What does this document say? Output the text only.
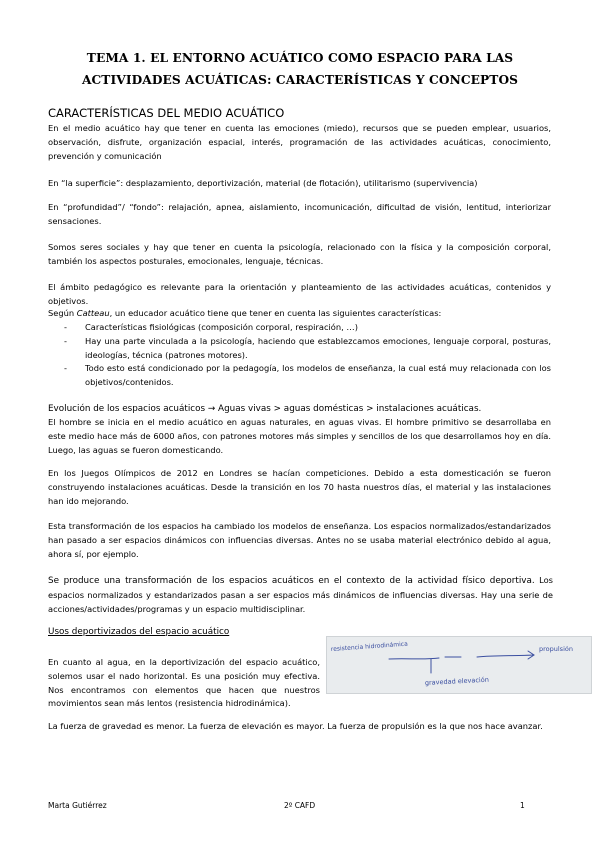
TEMA 1. EL ENTORNO ACUÁTICO COMO ESPACIO PARA LAS
ACTIVIDADES ACUÁTICAS: CARACTERÍSTICAS Y CONCEPTOS
CARACTERÍSTICAS DEL MEDIO ACUÁTICO

En el medio acuático hay que tener en cuenta las emociones (miedo), recursos que se pueden emplear, usuarios, observación, disfrute, organización espacial, interés, programación de las actividades acuáticas, conocimiento, prevención y comunicación

En “la superficie”: desplazamiento, deportivización, material (de flotación), utilitarismo (supervivencia)

En “profundidad”/ “fondo”: relajación, apnea, aislamiento, incomunicación, dificultad de visión, lentitud, interiorizar sensaciones.

Somos seres sociales y hay que tener en cuenta la psicología, relacionado con la física y la composición corporal, también los aspectos posturales, emocionales, lenguaje, técnicas.

El ámbito pedagógico es relevante para la orientación y planteamiento de las actividades acuáticas, contenidos y objetivos.

Según Catteau, un educador acuático tiene que tener en cuenta las siguientes características:

- Características fisiológicas (composición corporal, respiración, …)
- Hay una parte vinculada a la psicología, haciendo que establezcamos emociones, lenguaje corporal, posturas, ideologías, técnica (patrones motores).
- Todo esto está condicionado por la pedagogía, los modelos de enseñanza, la cual está muy relacionada con los objetivos/contenidos.

Evolución de los espacios acuáticos → Aguas vivas > aguas domésticas > instalaciones acuáticas.

El hombre se inicia en el medio acuático en aguas naturales, en aguas vivas. El hombre primitivo se desarrollaba en este medio hace más de 6000 años, con patrones motores más simples y sencillos de los que desarrollamos hoy en día. Luego, las aguas se fueron domesticando.

En los Juegos Olímpicos de 2012 en Londres se hacían competiciones. Debido a esta domesticación se fueron construyendo instalaciones acuáticas. Desde la transición en los 70 hasta nuestros días, el material y las instalaciones han ido mejorando.

Esta transformación de los espacios ha cambiado los modelos de enseñanza. Los espacios normalizados/estandarizados han pasado a ser espacios dinámicos con influencias diversas. Antes no se usaba material electrónico debido al agua, ahora sí, por ejemplo.

Se produce una transformación de los espacios acuáticos en el contexto de la actividad físico deportiva. Los espacios normalizados y estandarizados pasan a ser espacios más dinámicos de influencias diversas. Hay una serie de acciones/actividades/programas y un espacio multidisciplinar.

Usos deportivizados del espacio acuático

En cuanto al agua, en la deportivización del espacio acuático, solemos usar el nado horizontal. Es una posición muy efectiva. Nos encontramos con elementos que hacen que nuestros movimientos sean más lentos (resistencia hidrodinámica).

resistencia hidrodinámica	propulsión
gravedad elevación

La fuerza de gravedad es menor. La fuerza de elevación es mayor. La fuerza de propulsión es la que nos hace avanzar.

Marta Gutiérrez	2º CAFD	1
